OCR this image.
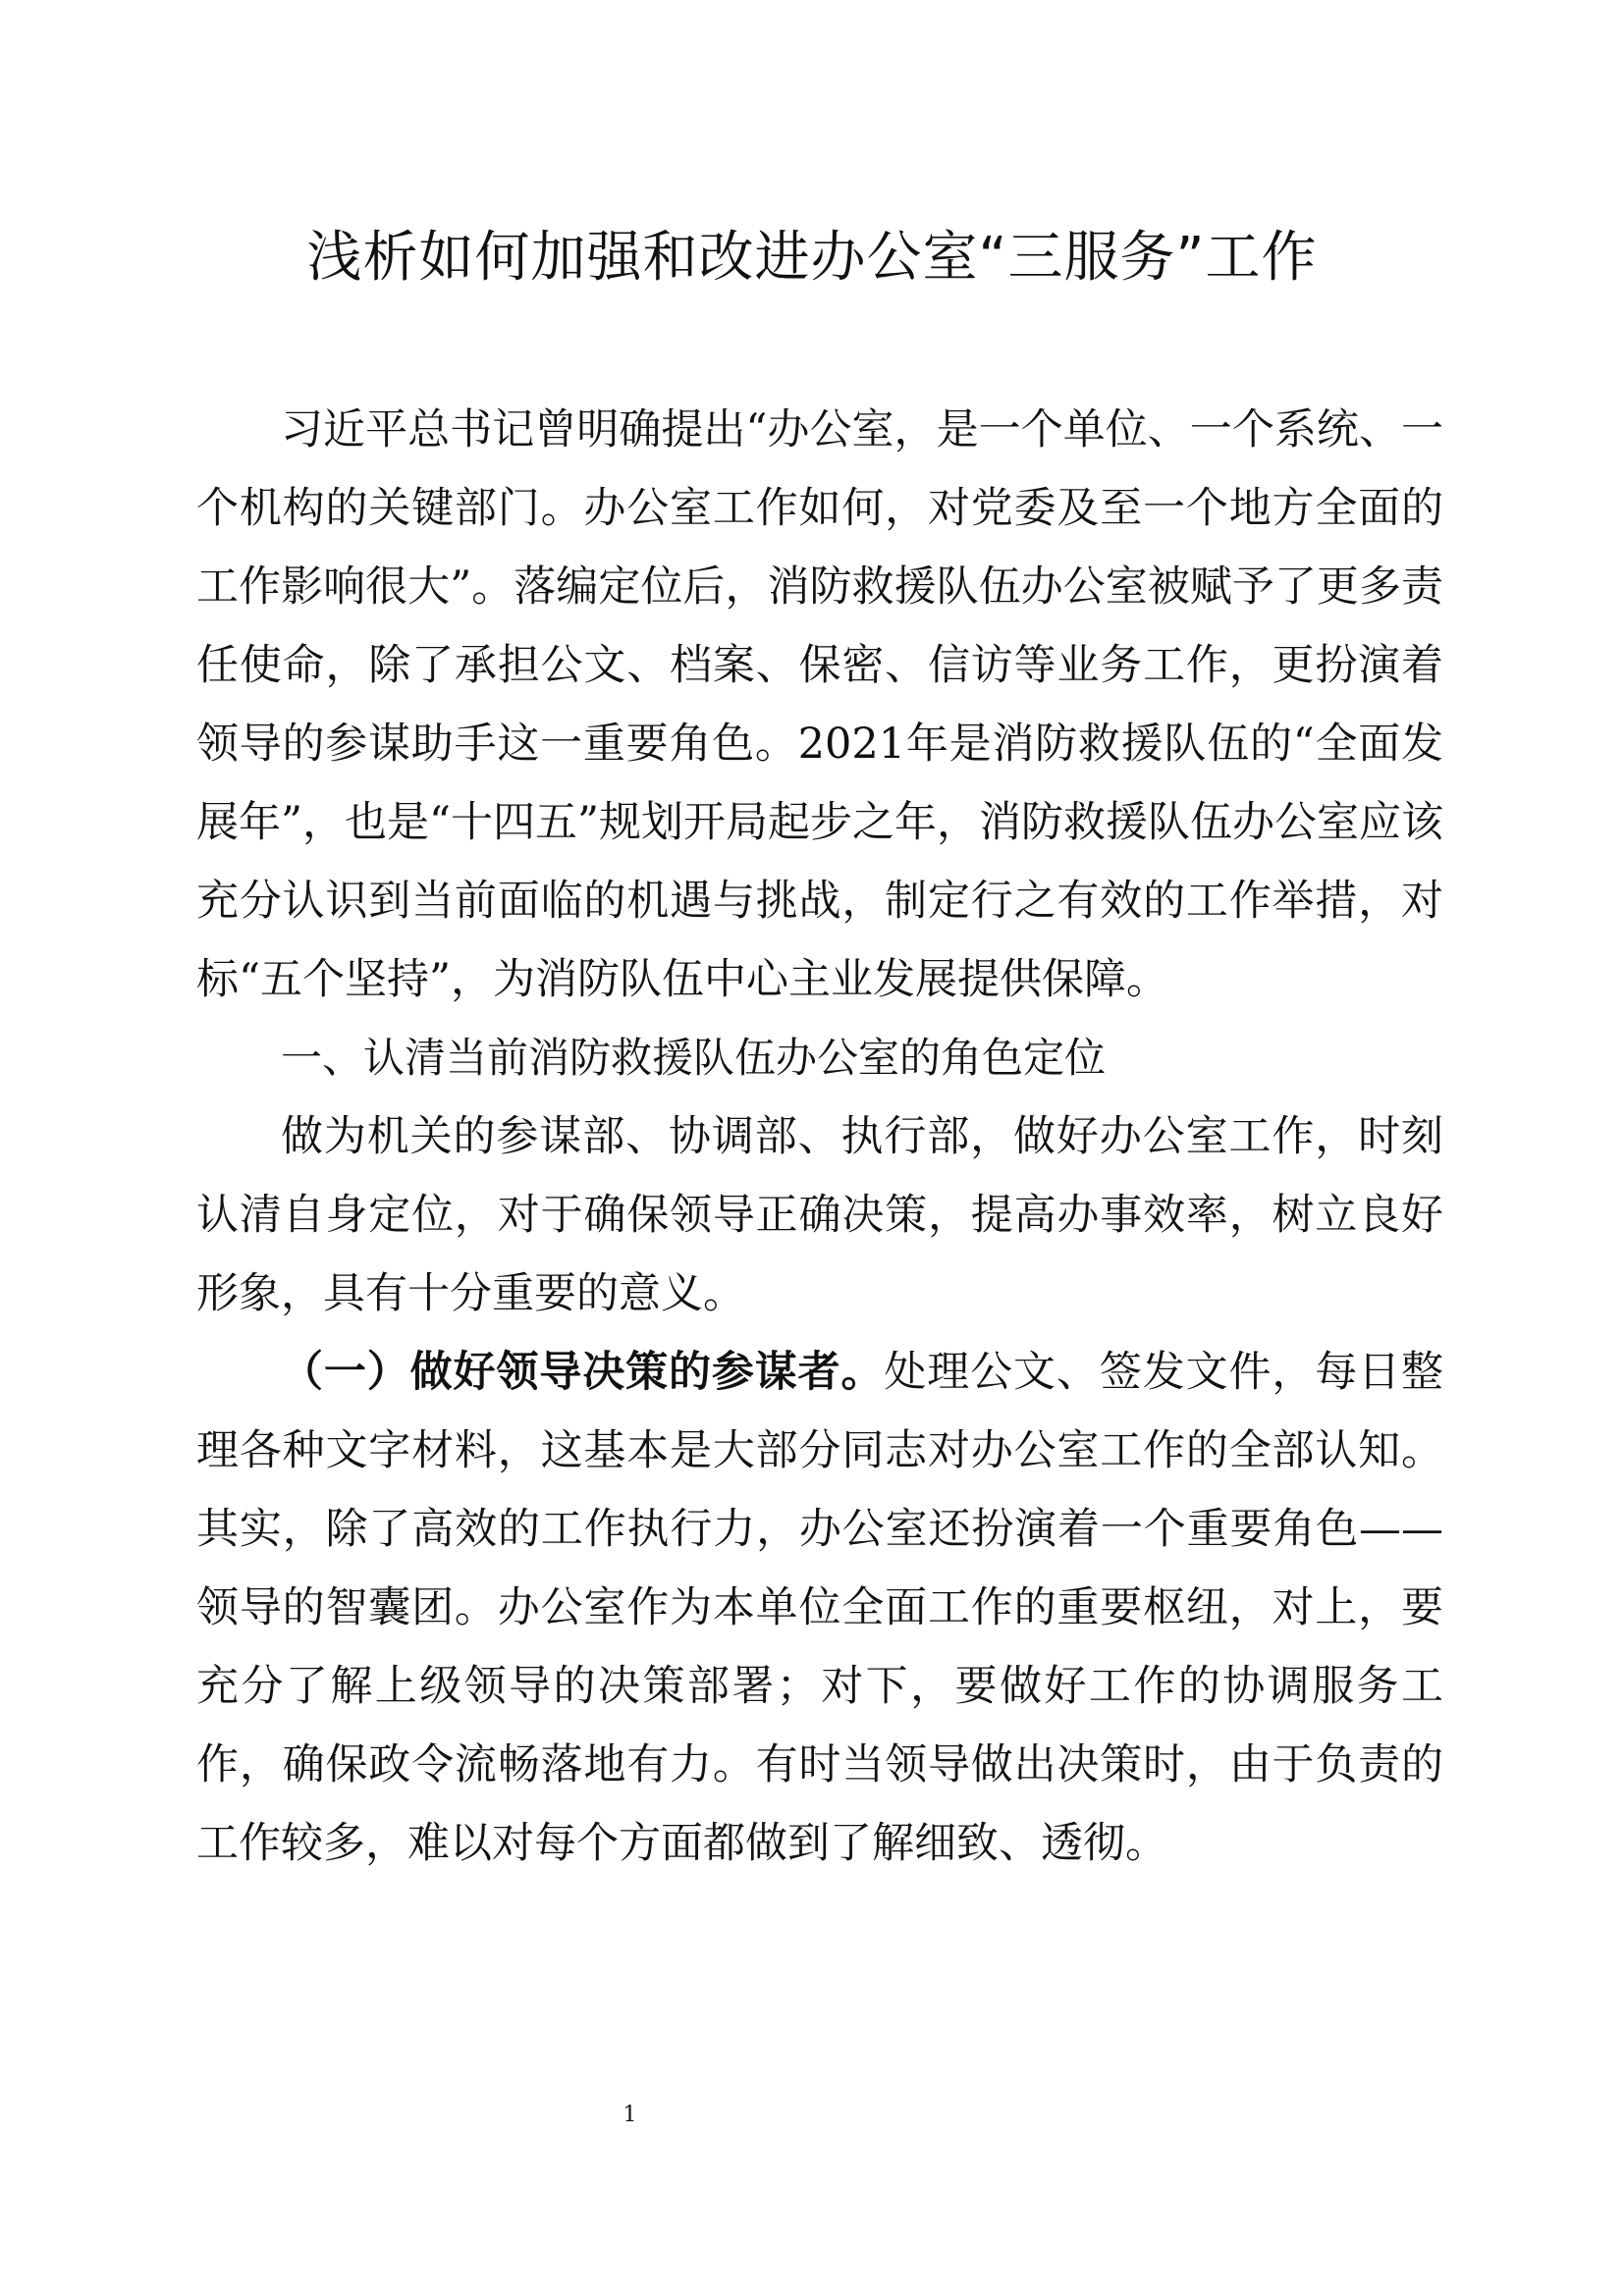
浅析如何加强和改进办公室“三服务”工作

习近平总书记曾明确提出“办公室，是一个单位、一个系统、一个机构的关键部门。办公室工作如何，对党委及至一个地方全面的工作影响很大”。落编定位后，消防救援队伍办公室被赋予了更多责任使命，除了承担公文、档案、保密、信访等业务工作，更扮演着领导的参谋助手这一重要角色。2021年是消防救援队伍的“全面发展年”，也是“十四五”规划开局起步之年，消防救援队伍办公室应该充分认识到当前面临的机遇与挑战，制定行之有效的工作举措，对标“五个坚持”，为消防队伍中心主业发展提供保障。

一、认清当前消防救援队伍办公室的角色定位

做为机关的参谋部、协调部、执行部，做好办公室工作，时刻认清自身定位，对于确保领导正确决策，提高办事效率，树立良好形象，具有十分重要的意义。

（一）做好领导决策的参谋者。处理公文、签发文件，每日整理各种文字材料，这基本是大部分同志对办公室工作的全部认知。其实，除了高效的工作执行力，办公室还扮演着一个重要角色——领导的智囊团。办公室作为本单位全面工作的重要枢纽，对上，要充分了解上级领导的决策部署；对下，要做好工作的协调服务工作，确保政令流畅落地有力。有时当领导做出决策时，由于负责的工作较多，难以对每个方面都做到了解细致、透彻。

1
